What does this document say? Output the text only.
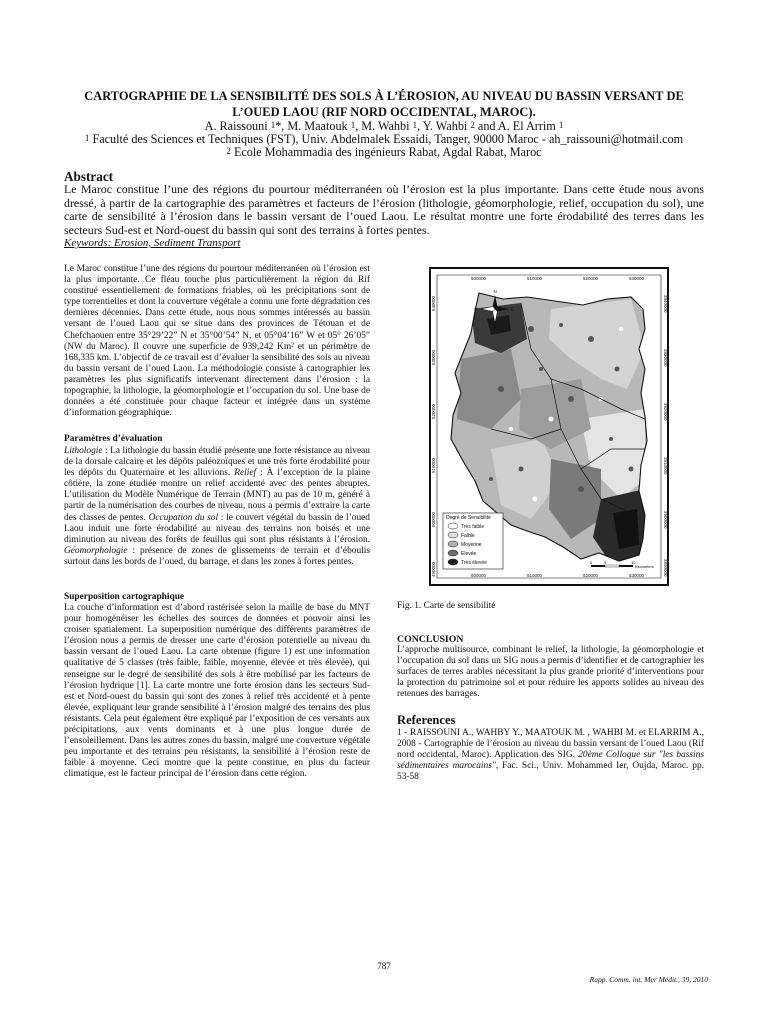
CARTOGRAPHIE DE LA SENSIBILITÉ DES SOLS À L’ÉROSION, AU NIVEAU DU BASSIN VERSANT DE
L’OUED LAOU (RIF NORD OCCIDENTAL, MAROC).
A. Raissouni $^1$*, M. Maatouk $^1$, M. Wahbi $^1$, Y. Wahbi $^2$ and A. El Arrim $^1$
$^1$ Faculté des Sciences et Techniques (FST), Univ. Abdelmalek Essaidi, Tanger, 90000 Maroc - ah_raissouni@hotmail.com
$^2$ Ecole Mohammadia des ingénieurs Rabat, Agdal Rabat, Maroc
Abstract
Le Maroc constitue l’une des régions du pourtour méditerranéen où l’érosion est la plus importante. Dans cette étude nous avons dressé, à partir de la cartographie des paramètres et facteurs de l’érosion (lithologie, géomorphologie, relief, occupation du sol), une carte de sensibilité à l’érosion dans le bassin versant de l’oued Laou. Le résultat montre une forte érodabilité des terres dans les secteurs Sud-est et Nord-ouest du bassin qui sont des terrains à fortes pentes.
Keywords: Erosion, Sediment Transport
Le Maroc constitue l’une des régions du pourtour méditerranéen où l’érosion est la plus importante. Ce fléau touche plus particulièrement la région du Rif constitué essentiellement de formations friables, où les précipitations sont de type torrentielles et dont la couverture végétale a connu une forte dégradation ces dernières décennies. Dans cette étude, nous nous sommes intéressés au bassin versant de l’oued Laou qui se situe dans des provinces de Tétouan et de Chefchaouen entre 35°29’22” N et 35°00’54” N, et 05°04’16” W et 05° 26’05” (NW du Maroc). Il couvre une superficie de 939,242 Km² et un périmètre de 168,335 km. L’objectif de ce travail est d’évaluer la sensibilité des sols au niveau du bassin versant de l’oued Laou. La méthodologie consiste à cartographier les paramètres les plus significatifs intervenant directement dans l’érosion : la topographie, la lithologie, la géomorphologie et l’occupation du sol. Une base de données a été constituée pour chaque facteur et intégrée dans un système d’information géographique.
Paramètres d’évaluation
Lithologie : La lithologie du bassin étudié présente une forte résistance au niveau de la dorsale calcaire et les dépôts paléozoïques et une très forte érodabilité pour les dépôts du Quaternaire et les alluvions. Relief : À l’exception de la plaine côtière, la zone étudiée montre un relief accidenté avec des pentes abruptes. L’utilisation du Modèle Numérique de Terrain (MNT) au pas de 10 m, généré à partir de la numérisation des courbes de niveau, nous a permis d’extraire la carte des classes de pentes. Occupation du sol : le couvert végétal du bassin de l’oued Laou induit une forte érodabilité au niveau des terrains non boisés et une diminution au niveau des forêts de feuillus qui sont plus résistants à l’érosion. Géomorphologie : présence de zones de glissements de terrain et d’éboulis surtout dans les bords de l’oued, du barrage, et dans les zones à fortes pentes.
Superposition cartographique
La couche d’information est d’abord rastérisée selon la maille de base du MNT pour homogénéiser les échelles des sources de données et pouvoir ainsi les croiser spatialement. La superposition numérique des différents paramètres de l’érosion nous a permis de dresser une carte d’érosion potentielle au niveau du bassin versant de l’oued Laou. La carte obtenue (figure 1) est une information qualitative de 5 classes (très faible, faible, moyenne, élevée et très élevée), qui renseigne sur le degré de sensibilité des sols à être mobilisé par les facteurs de l’érosion hydrique [1]. La carte montre une forte érosion dans les secteurs Sud-est et Nord-ouest du bassin qui sont des zones à relief très accidenté et à pente élevée, expliquant leur grande sensibilité à l’érosion malgré des terrains des plus résistants. Cela peut également être expliqué par l’exposition de ces versants aux précipitations, aux vents dominants et à une plus longue durée de l’ensoleillement. Dans les autres zones du bassin, malgré une couverture végétale peu importante et des terrains peu résistants, la sensibilité à l’érosion reste de faible à moyenne. Ceci montre que la pente constitue, en plus du facteur climatique, est le facteur principal de l’érosion dans cette région.
500000	510000	520000	530000
500000	510000	520000	530000
540000
530000
520000
510000
500000
490000
3940000
3930000
3920000
3910000
3900000
3890000
N
W	E
S
Degré de Sensibilité
Très faible
Faible
Moyenne
Elevée
Très élevée	0	5	10
Kilometers
Fig. 1. Carte de sensibilité
CONCLUSION
L’approche multisource, combinant le relief, la lithologie, la géomorphologie et l’occupation du sol dans un SIG nous a permis d’identifier et de cartographier les surfaces de terres arables nécessitant la plus grande priorité d’interventions pour la protection du patrimoine sol et pour réduire les apports solides au niveau des retenues des barrages.
References
1 - RAISSOUNI A., WAHBY Y., MAATOUK M. , WAHBI M. et ELARRIM A., 2008 - Cartographie de l’érosion au niveau du bassin versant de l’oued Laou (Rif nord occidental, Maroc). Application des SIG. 20ème Colloque sur "les bassins sédimentaires marocains", Fac. Sci., Univ. Mohammed Ier, Oujda, Maroc. pp. 53-58
787
Rapp. Comm. int. Mer Médit., 39, 2010
